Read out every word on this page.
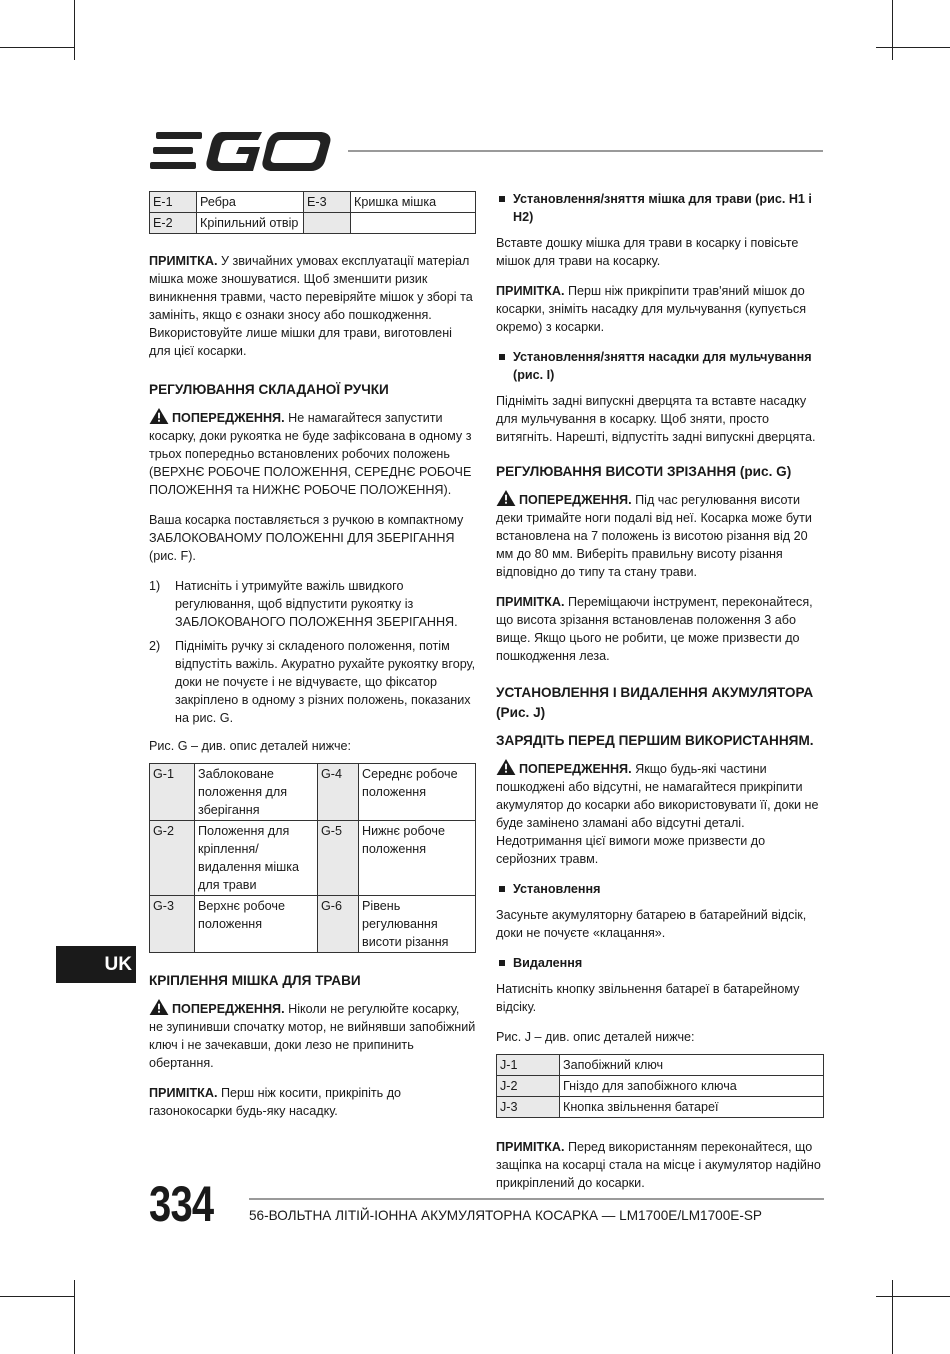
E-1	Ребра	E-3	Кришка мішка
E-2	Кріпильний отвір		

ПРИМІТКА. У звичайних умовах експлуатації матеріал мішка може зношуватися. Щоб зменшити ризик виникнення травми, часто перевіряйте мішок у зборі та замініть, якщо є ознаки зносу або пошкодження. Використовуйте лише мішки для трави, виготовлені для цієї косарки.

РЕГУЛЮВАННЯ СКЛАДАНОЇ РУЧКИ

ПОПЕРЕДЖЕННЯ. Не намагайтеся запустити косарку, доки рукоятка не буде зафіксована в одному з трьох попередньо встановлених робочих положень (ВЕРХНЄ РОБОЧЕ ПОЛОЖЕННЯ, СЕРЕДНЄ РОБОЧЕ ПОЛОЖЕННЯ та НИЖНЄ РОБОЧЕ ПОЛОЖЕННЯ).

Ваша косарка поставляється з ручкою в компактному ЗАБЛОКОВАНОМУ ПОЛОЖЕННІ ДЛЯ ЗБЕРІГАННЯ (рис. F).

1) Натисніть і утримуйте важіль швидкого регулювання, щоб відпустити рукоятку із ЗАБЛОКОВАНОГО ПОЛОЖЕННЯ ЗБЕРІГАННЯ.
2) Підніміть ручку зі складеного положення, потім відпустіть важіль. Акуратно рухайте рукоятку вгору, доки не почуєте і не відчуваєте, що фіксатор закріплено в одному з різних положень, показаних на рис. G.

Рис. G – див. опис деталей нижче:

G-1	Заблоковане положення для зберігання	G-4	Середнє робоче положення
G-2	Положення для кріплення/ видалення мішка для трави	G-5	Нижнє робоче положення
G-3	Верхнє робоче положення	G-6	Рівень регулювання висоти різання
КРІПЛЕННЯ МІШКА ДЛЯ ТРАВИ

ПОПЕРЕДЖЕННЯ. Ніколи не регулюйте косарку, не зупинивши спочатку мотор, не вийнявши запобіжний ключ і не зачекавши, доки лезо не припинить обертання.

ПРИМІТКА. Перш ніж косити, прикріпіть до газонокосарки будь-яку насадку.

Установлення/зняття мішка для трави (рис. H1 і H2)

Вставте дошку мішка для трави в косарку і повісьте мішок для трави на косарку.

ПРИМІТКА. Перш ніж прикріпити трав'яний мішок до косарки, зніміть насадку для мульчування (купується окремо) з косарки.

Установлення/зняття насадки для мульчування (рис. I)

Підніміть задні випускні дверцята та вставте насадку для мульчування в косарку. Щоб зняти, просто витягніть. Нарешті, відпустіть задні випускні дверцята.

РЕГУЛЮВАННЯ ВИСОТИ ЗРІЗАННЯ (рис. G)

ПОПЕРЕДЖЕННЯ. Під час регулювання висоти деки тримайте ноги подалі від неї. Косарка може бути встановлена на 7 положень із висотою різання від 20 мм до 80 мм. Виберіть правильну висоту різання відповідно до типу та стану трави.

ПРИМІТКА. Переміщаючи інструмент, переконайтеся, що висота зрізання встановленав положення 3 або вище. Якщо цього не робити, це може призвести до пошкодження леза.

УСТАНОВЛЕННЯ І ВИДАЛЕННЯ АКУМУЛЯТОРА (Рис. J)
ЗАРЯДІТЬ ПЕРЕД ПЕРШИМ ВИКОРИСТАННЯМ.

ПОПЕРЕДЖЕННЯ. Якщо будь-які частини пошкоджені або відсутні, не намагайтеся прикріпити акумулятор до косарки або використовувати її, доки не буде замінено зламані або відсутні деталі. Недотримання цієї вимоги може призвести до серйозних травм.

Установлення

Засуньте акумуляторну батарею в батарейний відсік, доки не почуєте «клацання».

Видалення

Натисніть кнопку звільнення батареї в батарейному відсіку.

Рис. J – див. опис деталей нижче:

J-1	Запобіжний ключ
J-2	Гніздо для запобіжного ключа
J-3	Кнопка звільнення батареї

ПРИМІТКА. Перед використанням переконайтеся, що защіпка на косарці стала на місце і акумулятор надійно прикріплений до косарки.

UK
334	56-ВОЛЬТНА ЛІТІЙ-ІОННА АКУМУЛЯТОРНА КОСАРКА — LM1700E/LM1700E-SP
